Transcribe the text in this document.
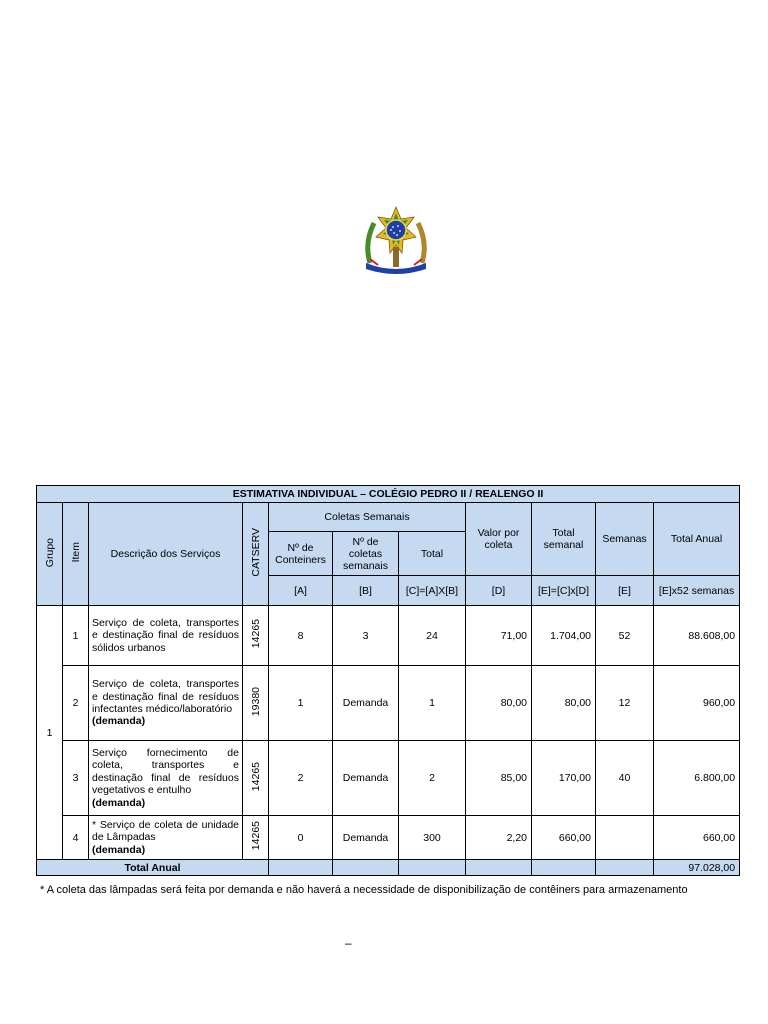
ESTIMATIVA INDIVIDUAL – COLÉGIO PEDRO II / REALENGO II										
Grupo	Item	Descrição dos Serviços	CATSERV	Coletas Semanais			Valor por coleta	Total semanal	Semanas	Total Anual
				Nº de Conteiners	Nº de coletas semanais	Total				
				[A]	[B]	[C]=[A]X[B]	[D]	[E]=[C]x[D]	[E]	[E]x52 semanas
1	1	Serviço de coleta, transportes e destinação final de resíduos sólidos urbanos	14265	8	3	24	71,00	1.704,00	52	88.608,00
	2	Serviço de coleta, transportes e destinação final de resíduos infectantes médico/laboratório
(demanda)	19380	1	Demanda	1	80,00	80,00	12	960,00
	3	Serviço fornecimento de coleta, transportes e destinação final de resíduos vegetativos e entulho
(demanda)	14265	2	Demanda	2	85,00	170,00	40	6.800,00
	4	* Serviço de coleta de unidade de Lâmpadas
(demanda)	14265	0	Demanda	300	2,20	660,00		660,00
Total Anual										97.028,00
* A coleta das lâmpadas será feita por demanda e não haverá a necessidade de disponibilização de contêiners para armazenamento
–
